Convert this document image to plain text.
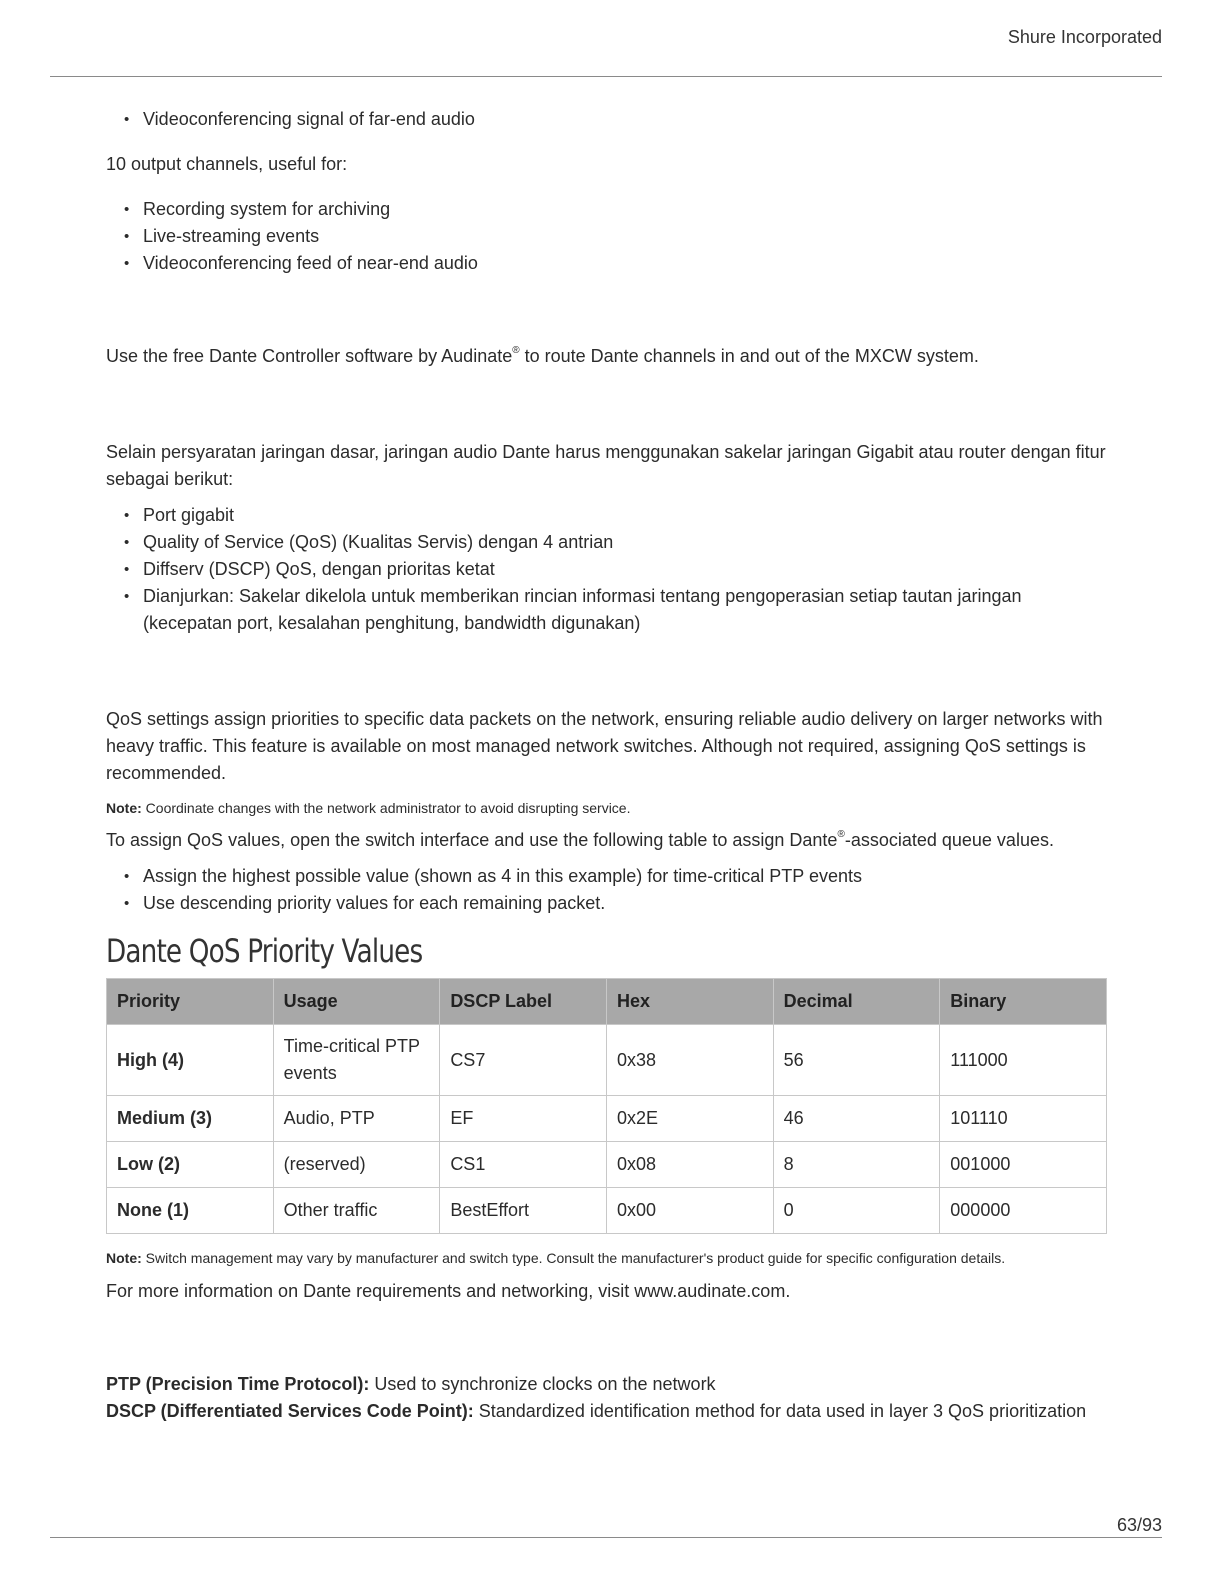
Shure Incorporated
• Videoconferencing signal of far-end audio

10 output channels, useful for:

• Recording system for archiving
• Live-streaming events
• Videoconferencing feed of near-end audio

Use the free Dante Controller software by Audinate® to route Dante channels in and out of the MXCW system.

Selain persyaratan jaringan dasar, jaringan audio Dante harus menggunakan sakelar jaringan Gigabit atau router dengan fitur sebagai berikut:

• Port gigabit
• Quality of Service (QoS) (Kualitas Servis) dengan 4 antrian
• Diffserv (DSCP) QoS, dengan prioritas ketat
• Dianjurkan: Sakelar dikelola untuk memberikan rincian informasi tentang pengoperasian setiap tautan jaringan (kecepatan port, kesalahan penghitung, bandwidth digunakan)

QoS settings assign priorities to specific data packets on the network, ensuring reliable audio delivery on larger networks with heavy traffic. This feature is available on most managed network switches. Although not required, assigning QoS settings is recommended.

Note: Coordinate changes with the network administrator to avoid disrupting service.

To assign QoS values, open the switch interface and use the following table to assign Dante®-associated queue values.

• Assign the highest possible value (shown as 4 in this example) for time-critical PTP events
• Use descending priority values for each remaining packet.
Dante QoS Priority Values
Priority	Usage	DSCP Label	Hex	Decimal	Binary
High (4)	Time-critical PTP events	CS7	0x38	56	111000
Medium (3)	Audio, PTP	EF	0x2E	46	101110
Low (2)	(reserved)	CS1	0x08	8	001000
None (1)	Other traffic	BestEffort	0x00	0	000000

Note: Switch management may vary by manufacturer and switch type. Consult the manufacturer's product guide for specific configuration details.

For more information on Dante requirements and networking, visit www.audinate.com.

PTP (Precision Time Protocol): Used to synchronize clocks on the network

DSCP (Differentiated Services Code Point): Standardized identification method for data used in layer 3 QoS prioritization

63/93
